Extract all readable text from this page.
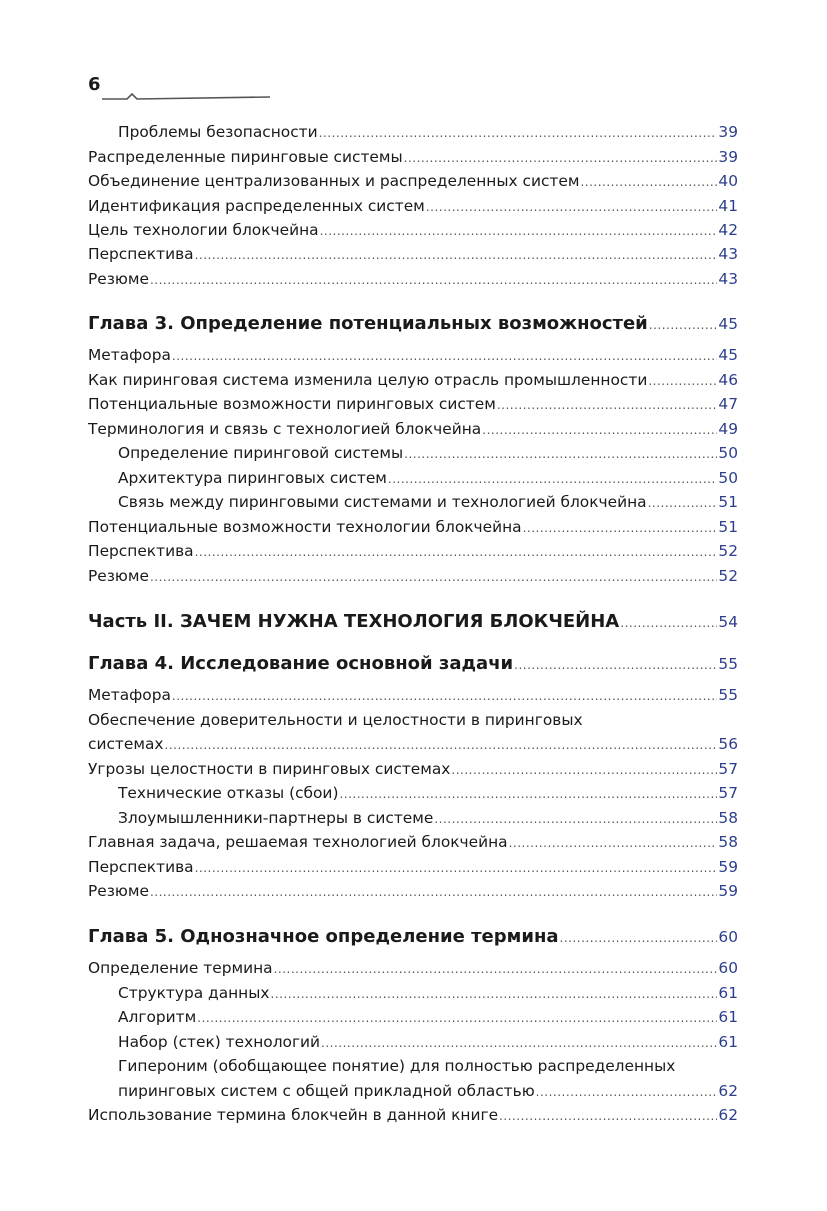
6
Проблемы безопасности .....	39
Распределенные пиринговые системы .....	39
Объединение централизованных и распределенных систем .....	40
Идентификация распределенных систем .....	41
Цель технологии блокчейна .....	42
Перспектива .....	43
Резюме .....	43
Глава 3. Определение потенциальных возможностей .....	45
Метафора .....	45
Как пиринговая система изменила целую отрасль промышленности .....	46
Потенциальные возможности пиринговых систем .....	47
Терминология и связь с технологией блокчейна .....	49
Определение пиринговой системы .....	50
Архитектура пиринговых систем .....	50
Связь между пиринговыми системами и технологией блокчейна .....	51
Потенциальные возможности технологии блокчейна .....	51
Перспектива .....	52
Резюме .....	52
Часть II. ЗАЧЕМ НУЖНА ТЕХНОЛОГИЯ БЛОКЧЕЙНА .....	54
Глава 4. Исследование основной задачи .....	55
Метафора .....	55
Обеспечение доверительности и целостности в пиринговых
системах .....	56
Угрозы целостности в пиринговых системах .....	57
Технические отказы (сбои) .....	57
Злоумышленники-партнеры в системе .....	58
Главная задача, решаемая технологией блокчейна .....	58
Перспектива .....	59
Резюме .....	59
Глава 5. Однозначное определение термина .....	60
Определение термина .....	60
Структура данных .....	61
Алгоритм .....	61
Набор (стек) технологий .....	61
Гипероним (обобщающее понятие) для полностью распределенных
пиринговых систем с общей прикладной областью .....	62
Использование термина блокчейн в данной книге .....	62
